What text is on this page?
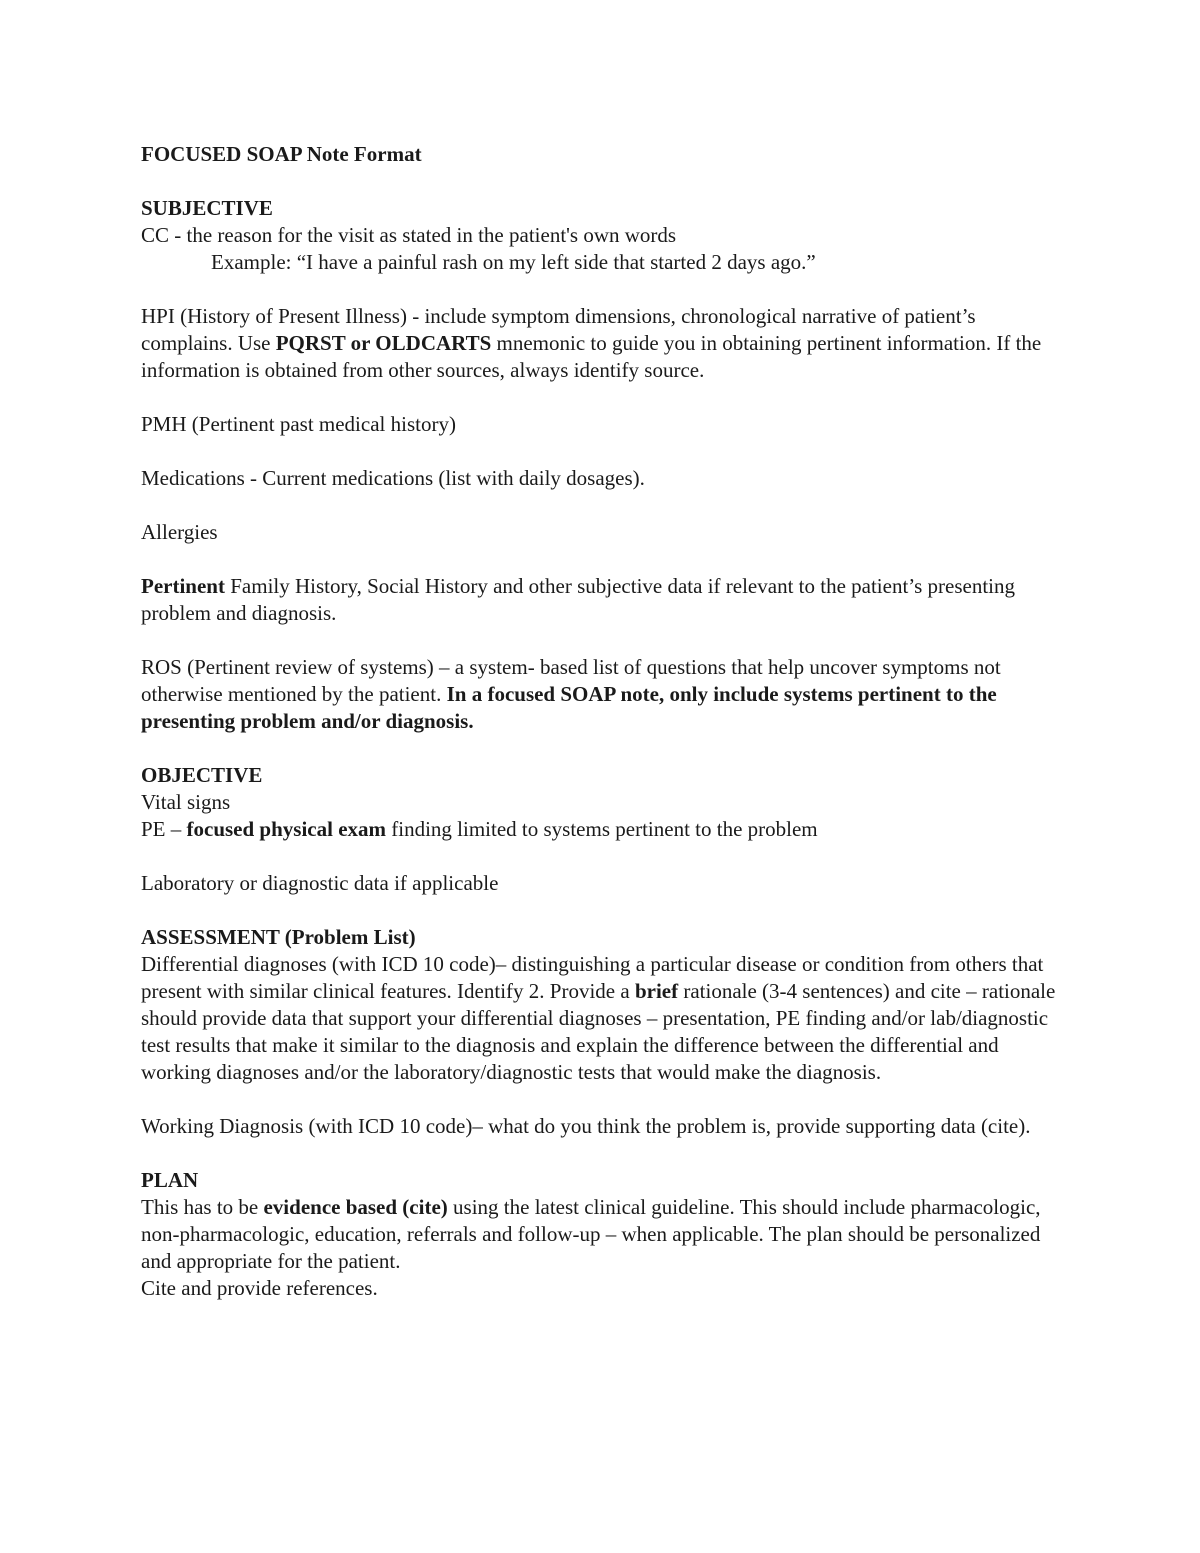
FOCUSED SOAP Note Format

SUBJECTIVE

CC - the reason for the visit as stated in the patient's own words

Example: “I have a painful rash on my left side that started 2 days ago.”

HPI (History of Present Illness) - include symptom dimensions, chronological narrative of patient’s complains. Use PQRST or OLDCARTS mnemonic to guide you in obtaining pertinent information. If the information is obtained from other sources, always identify source.

PMH (Pertinent past medical history)

Medications - Current medications (list with daily dosages).

Allergies

Pertinent Family History, Social History and other subjective data if relevant to the patient’s presenting problem and diagnosis.

ROS (Pertinent review of systems) – a system- based list of questions that help uncover symptoms not otherwise mentioned by the patient. In a focused SOAP note, only include systems pertinent to the presenting problem and/or diagnosis.

OBJECTIVE

Vital signs

PE – focused physical exam finding limited to systems pertinent to the problem

Laboratory or diagnostic data if applicable

ASSESSMENT (Problem List)

Differential diagnoses (with ICD 10 code)– distinguishing a particular disease or condition from others that present with similar clinical features. Identify 2. Provide a brief rationale (3-4 sentences) and cite – rationale should provide data that support your differential diagnoses – presentation, PE finding and/or lab/diagnostic test results that make it similar to the diagnosis and explain the difference between the differential and working diagnoses and/or the laboratory/diagnostic tests that would make the diagnosis.

Working Diagnosis (with ICD 10 code)– what do you think the problem is, provide supporting data (cite).

PLAN

This has to be evidence based (cite) using the latest clinical guideline. This should include pharmacologic, non-pharmacologic, education, referrals and follow-up – when applicable. The plan should be personalized and appropriate for the patient.

Cite and provide references.
